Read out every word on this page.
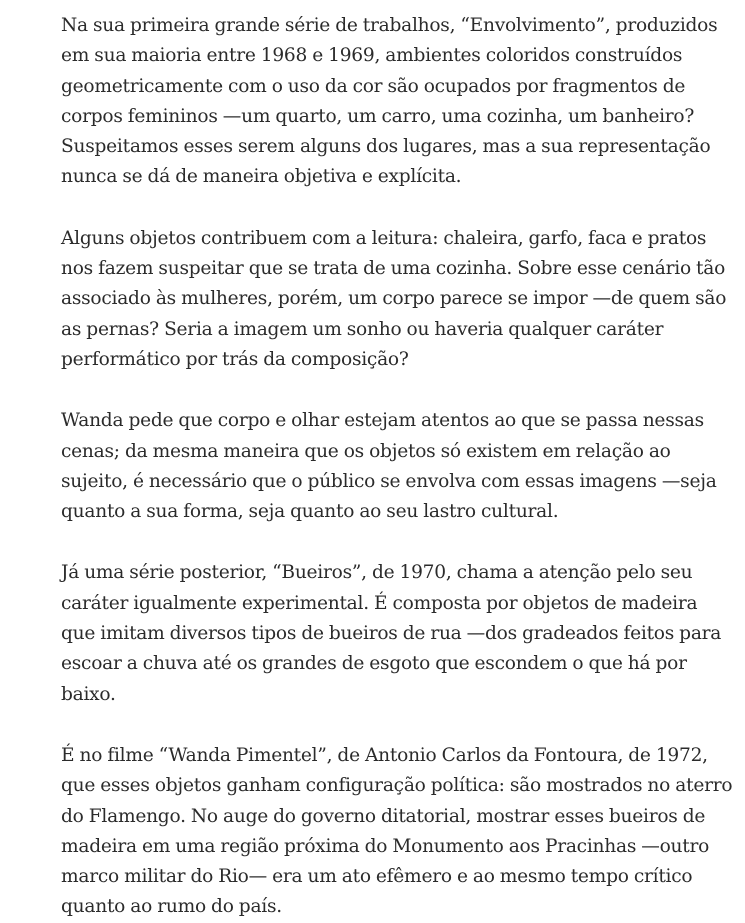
Na sua primeira grande série de trabalhos, “Envolvimento”, produzidos em sua maioria entre 1968 e 1969, ambientes coloridos construídos geometricamente com o uso da cor são ocupados por fragmentos de corpos femininos —um quarto, um carro, uma cozinha, um banheiro? Suspeitamos esses serem alguns dos lugares, mas a sua representação nunca se dá de maneira objetiva e explícita.

Alguns objetos contribuem com a leitura: chaleira, garfo, faca e pratos nos fazem suspeitar que se trata de uma cozinha. Sobre esse cenário tão associado às mulheres, porém, um corpo parece se impor —de quem são as pernas? Seria a imagem um sonho ou haveria qualquer caráter performático por trás da composição?

Wanda pede que corpo e olhar estejam atentos ao que se passa nessas cenas; da mesma maneira que os objetos só existem em relação ao sujeito, é necessário que o público se envolva com essas imagens —seja quanto a sua forma, seja quanto ao seu lastro cultural.

Já uma série posterior, “Bueiros”, de 1970, chama a atenção pelo seu caráter igualmente experimental. É composta por objetos de madeira que imitam diversos tipos de bueiros de rua —dos gradeados feitos para escoar a chuva até os grandes de esgoto que escondem o que há por baixo.

É no filme “Wanda Pimentel”, de Antonio Carlos da Fontoura, de 1972, que esses objetos ganham configuração política: são mostrados no aterro do Flamengo. No auge do governo ditatorial, mostrar esses bueiros de madeira em uma região próxima do Monumento aos Pracinhas —outro marco militar do Rio— era um ato efêmero e ao mesmo tempo crítico quanto ao rumo do país.
